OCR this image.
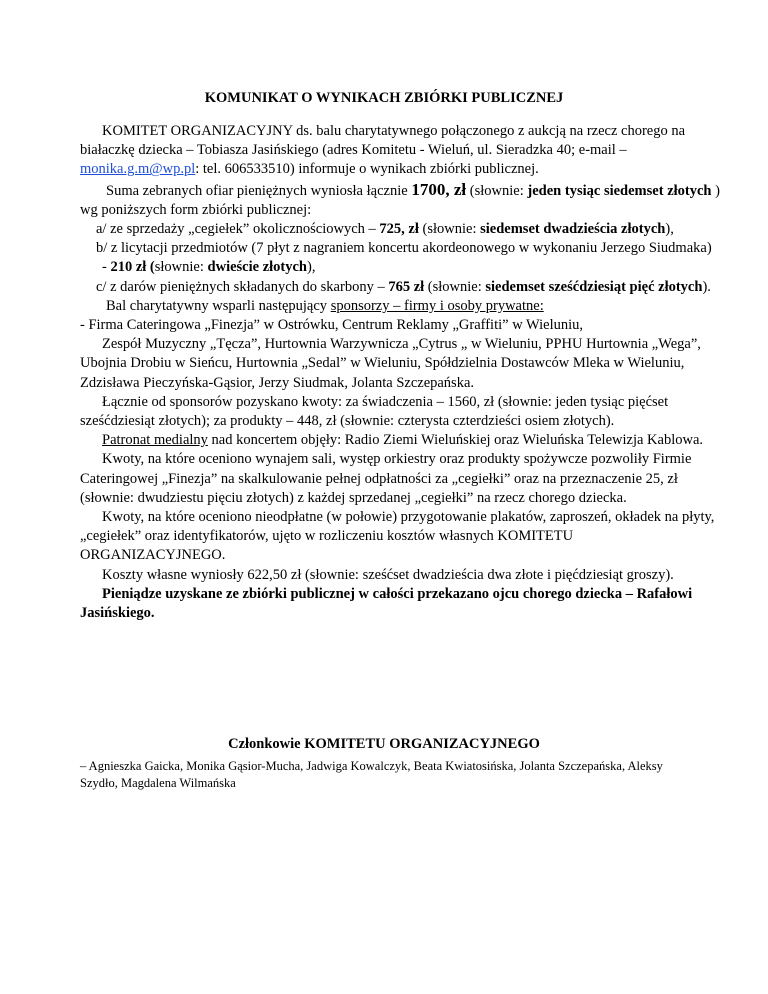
KOMUNIKAT O WYNIKACH ZBIÓRKI PUBLICZNEJ

KOMITET ORGANIZACYJNY ds. balu charytatywnego połączonego z aukcją na rzecz chorego na białaczkę dziecka – Tobiasza Jasińskiego (adres Komitetu - Wieluń, ul. Sieradzka 40; e-mail – monika.g.m@wp.pl: tel. 606533510) informuje o wynikach zbiórki publicznej.

Suma zebranych ofiar pieniężnych wyniosła łącznie 1700, zł (słownie: jeden tysiąc siedemset złotych ) wg poniższych form zbiórki publicznej:

a/ ze sprzedaży „cegiełek” okolicznościowych – 725, zł (słownie: siedemset dwadzieścia złotych),

b/ z licytacji przedmiotów (7 płyt z nagraniem koncertu akordeonowego w wykonaniu Jerzego Siudmaka) - 210 zł (słownie: dwieście złotych),

c/ z darów pieniężnych składanych do skarbony – 765 zł (słownie: siedemset sześćdziesiąt pięć złotych).

Bal charytatywny wsparli następujący sponsorzy – firmy i osoby prywatne:

- Firma Cateringowa „Finezja” w Ostrówku, Centrum Reklamy „Graffiti” w Wieluniu,

Zespół Muzyczny „Tęcza”, Hurtownia Warzywnicza „Cytrus „ w Wieluniu, PPHU Hurtownia „Wega”, Ubojnia Drobiu w Sieńcu, Hurtownia „Sedal” w Wieluniu, Spółdzielnia Dostawców Mleka w Wieluniu, Zdzisława Pieczyńska-Gąsior, Jerzy Siudmak, Jolanta Szczepańska.

Łącznie od sponsorów pozyskano kwoty: za świadczenia – 1560, zł (słownie: jeden tysiąc pięćset sześćdziesiąt złotych); za produkty – 448, zł (słownie: czterysta czterdzieści osiem złotych).

Patronat medialny nad koncertem objęły: Radio Ziemi Wieluńskiej oraz Wieluńska Telewizja Kablowa.

Kwoty, na które oceniono wynajem sali, występ orkiestry oraz produkty spożywcze pozwoliły Firmie Cateringowej „Finezja” na skalkulowanie pełnej odpłatności za „cegiełki” oraz na przeznaczenie 25, zł (słownie: dwudziestu pięciu złotych) z każdej sprzedanej „cegiełki” na rzecz chorego dziecka.

Kwoty, na które oceniono nieodpłatne (w połowie) przygotowanie plakatów, zaproszeń, okładek na płyty, „cegiełek” oraz identyfikatorów, ujęto w rozliczeniu kosztów własnych KOMITETU ORGANIZACYJNEGO.

Koszty własne wyniosły 622,50 zł (słownie: sześćset dwadzieścia dwa złote i pięćdziesiąt groszy).

Pieniądze uzyskane ze zbiórki publicznej w całości przekazano ojcu chorego dziecka – Rafałowi Jasińskiego.

Członkowie KOMITETU ORGANIZACYJNEGO
– Agnieszka Gaicka, Monika Gąsior-Mucha, Jadwiga Kowalczyk, Beata Kwiatosińska, Jolanta Szczepańska, Aleksy Szydło, Magdalena Wilmańska
